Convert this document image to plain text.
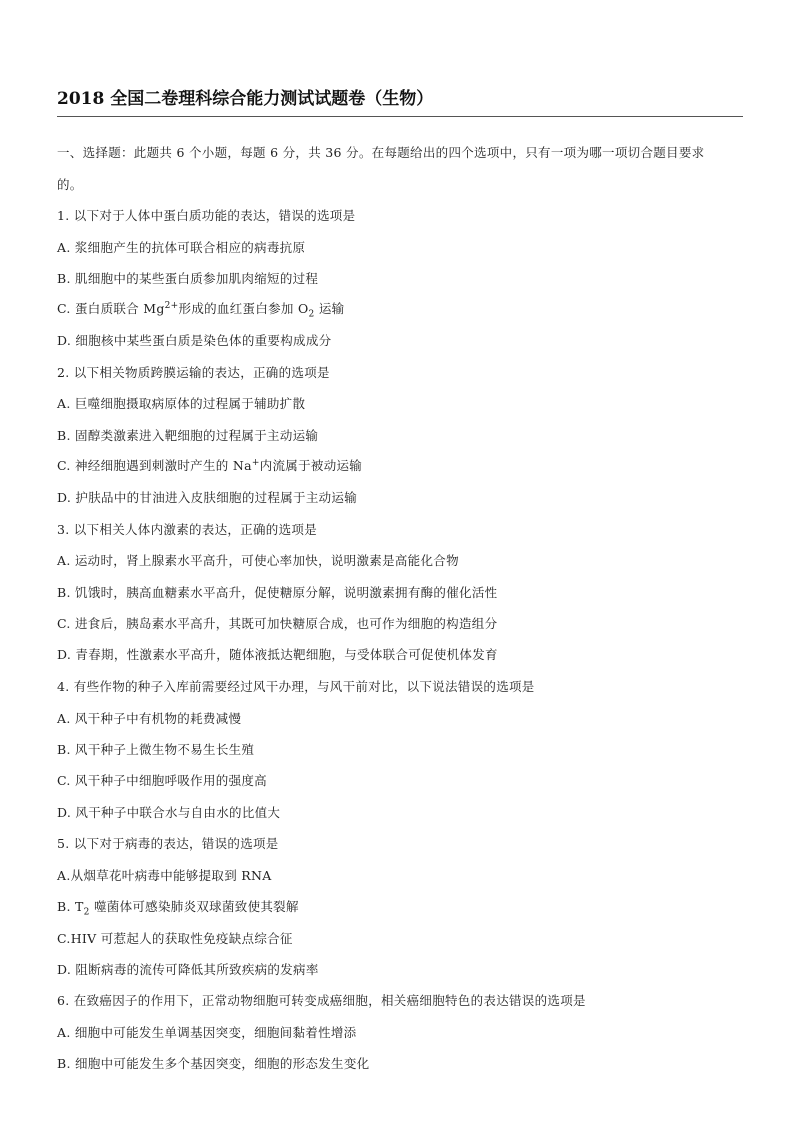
2018 全国二卷理科综合能力测试试题卷（生物）
一、选择题：此题共 6 个小题，每题 6 分，共 36 分。在每题给出的四个选项中，只有一项为哪一项切合题目要求
的。
1. 以下对于人体中蛋白质功能的表达，错误的选项是
A. 浆细胞产生的抗体可联合相应的病毒抗原
B. 肌细胞中的某些蛋白质参加肌肉缩短的过程
C. 蛋白质联合 $Mg^{2+}$形成的血红蛋白参加 $O_2$ 运输
D. 细胞核中某些蛋白质是染色体的重要构成成分
2. 以下相关物质跨膜运输的表达，正确的选项是
A. 巨噬细胞摄取病原体的过程属于辅助扩散
B. 固醇类激素进入靶细胞的过程属于主动运输
C. 神经细胞遇到刺激时产生的 Na+内流属于被动运输
D. 护肤品中的甘油进入皮肤细胞的过程属于主动运输
3. 以下相关人体内激素的表达，正确的选项是
A. 运动时，肾上腺素水平高升，可使心率加快，说明激素是高能化合物
B. 饥饿时，胰高血糖素水平高升，促使糖原分解，说明激素拥有酶的催化活性
C. 进食后，胰岛素水平高升，其既可加快糖原合成，也可作为细胞的构造组分
D. 青春期，性激素水平高升，随体液抵达靶细胞，与受体联合可促使机体发育
4. 有些作物的种子入库前需要经过风干办理，与风干前对比，以下说法错误的选项是
A. 风干种子中有机物的耗费减慢
B. 风干种子上微生物不易生长生殖
C. 风干种子中细胞呼吸作用的强度高
D. 风干种子中联合水与自由水的比值大
5. 以下对于病毒的表达，错误的选项是
A.从烟草花叶病毒中能够提取到 RNA
B. $T_2$ 噬菌体可感染肺炎双球菌致使其裂解
C.HIV 可惹起人的获取性免疫缺点综合征
D. 阻断病毒的流传可降低其所致疾病的发病率
6. 在致癌因子的作用下，正常动物细胞可转变成癌细胞，相关癌细胞特色的表达错误的选项是
A. 细胞中可能发生单调基因突变，细胞间黏着性增添
B. 细胞中可能发生多个基因突变，细胞的形态发生变化
